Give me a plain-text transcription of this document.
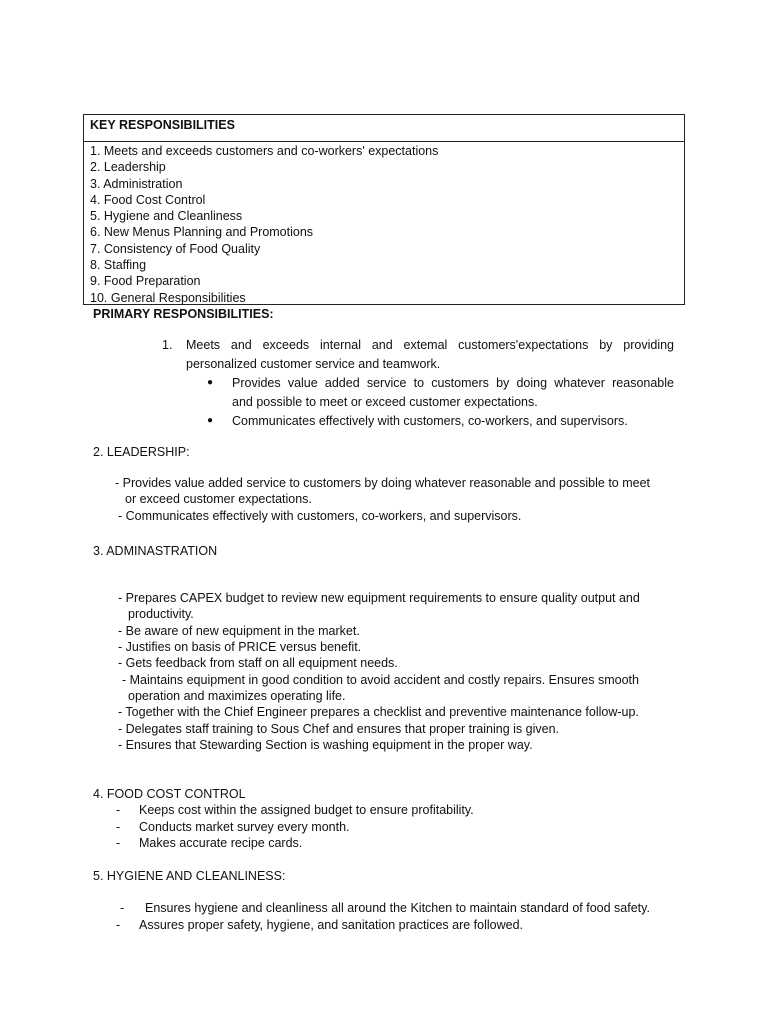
KEY RESPONSIBILITIES
1. Meets and exceeds customers and co-workers' expectations
2. Leadership
3. Administration
4. Food Cost Control
5. Hygiene and Cleanliness
6. New Menus Planning and Promotions
7. Consistency of Food Quality
8. Staffing
9. Food Preparation
10. General Responsibilities
PRIMARY RESPONSIBILITIES:
1. Meets and exceeds internal and extemal customers'expectations by providing
personalized customer service and teamwork.
● Provides value added service to customers by doing whatever reasonable
and possible to meet or exceed customer expectations.
● Communicates effectively with customers, co-workers, and supervisors.
2. LEADERSHIP:
- Provides value added service to customers by doing whatever reasonable and possible to meet
or exceed customer expectations.
- Communicates effectively with customers, co-workers, and supervisors.
3. ADMINASTRATION
- Prepares CAPEX budget to review new equipment requirements to ensure quality output and
productivity.
- Be aware of new equipment in the market.
- Justifies on basis of PRICE versus benefit.
- Gets feedback from staff on all equipment needs.
- Maintains equipment in good condition to avoid accident and costly repairs. Ensures smooth
operation and maximizes operating life.
- Together with the Chief Engineer prepares a checklist and preventive maintenance follow-up.
- Delegates staff training to Sous Chef and ensures that proper training is given.
- Ensures that Stewarding Section is washing equipment in the proper way.
4. FOOD COST CONTROL
- Keeps cost within the assigned budget to ensure profitability.
- Conducts market survey every month.
- Makes accurate recipe cards.
5. HYGIENE AND CLEANLINESS:
- Ensures hygiene and cleanliness all around the Kitchen to maintain standard of food safety.
- Assures proper safety, hygiene, and sanitation practices are followed.
